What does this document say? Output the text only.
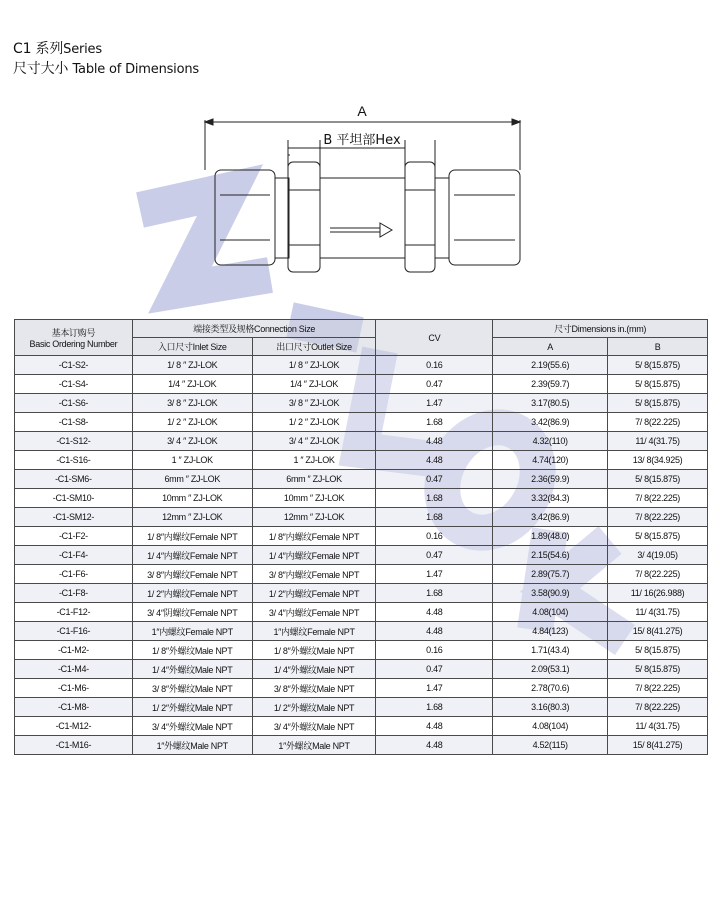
C1 系列Series
尺寸大小 Table of Dimensions
A
B 平坦部Hex
基本订购号
Basic Ordering Number	端接类型及规格Connection Size		CV	尺寸Dimensions in.(mm)	
	入口尺寸Inlet Size	出口尺寸Outlet Size		A	B
-C1-S2-	1/ 8 ″ ZJ-LOK	1/ 8 ″ ZJ-LOK	0.16	2.19(55.6)	5/ 8(15.875)
-C1-S4-	1/4 ″ ZJ-LOK	1/4 ″ ZJ-LOK	0.47	2.39(59.7)	5/ 8(15.875)
-C1-S6-	3/ 8 ″ ZJ-LOK	3/ 8 ″ ZJ-LOK	1.47	3.17(80.5)	5/ 8(15.875)
-C1-S8-	1/ 2 ″ ZJ-LOK	1/ 2 ″ ZJ-LOK	1.68	3.42(86.9)	7/ 8(22.225)
-C1-S12-	3/ 4 ″ ZJ-LOK	3/ 4 ″ ZJ-LOK	4.48	4.32(110)	11/ 4(31.75)
-C1-S16-	1 ″ ZJ-LOK	1 ″ ZJ-LOK	4.48	4.74(120)	13/ 8(34.925)
-C1-SM6-	6mm ″ ZJ-LOK	6mm ″ ZJ-LOK	0.47	2.36(59.9)	5/ 8(15.875)
-C1-SM10-	10mm ″ ZJ-LOK	10mm ″ ZJ-LOK	1.68	3.32(84.3)	7/ 8(22.225)
-C1-SM12-	12mm ″ ZJ-LOK	12mm ″ ZJ-LOK	1.68	3.42(86.9)	7/ 8(22.225)
-C1-F2-	1/ 8″内螺纹Female NPT	1/ 8″内螺纹Female NPT	0.16	1.89(48.0)	5/ 8(15.875)
-C1-F4-	1/ 4″内螺纹Female NPT	1/ 4″内螺纹Female NPT	0.47	2.15(54.6)	3/ 4(19.05)
-C1-F6-	3/ 8″内螺纹Female NPT	3/ 8″内螺纹Female NPT	1.47	2.89(75.7)	7/ 8(22.225)
-C1-F8-	1/ 2″内螺纹Female NPT	1/ 2″内螺纹Female NPT	1.68	3.58(90.9)	11/ 16(26.988)
-C1-F12-	3/ 4″阴螺纹Female NPT	3/ 4″内螺纹Female NPT	4.48	4.08(104)	11/ 4(31.75)
-C1-F16-	1″内螺纹Female NPT	1″内螺纹Female NPT	4.48	4.84(123)	15/ 8(41.275)
-C1-M2-	1/ 8″外螺纹Male NPT	1/ 8″外螺纹Male NPT	0.16	1.71(43.4)	5/ 8(15.875)
-C1-M4-	1/ 4″外螺纹Male NPT	1/ 4″外螺纹Male NPT	0.47	2.09(53.1)	5/ 8(15.875)
-C1-M6-	3/ 8″外螺纹Male NPT	3/ 8″外螺纹Male NPT	1.47	2.78(70.6)	7/ 8(22.225)
-C1-M8-	1/ 2″外螺纹Male NPT	1/ 2″外螺纹Male NPT	1.68	3.16(80.3)	7/ 8(22.225)
-C1-M12-	3/ 4″外螺纹Male NPT	3/ 4″外螺纹Male NPT	4.48	4.08(104)	11/ 4(31.75)
-C1-M16-	1″外螺纹Male NPT	1″外螺纹Male NPT	4.48	4.52(115)	15/ 8(41.275)
